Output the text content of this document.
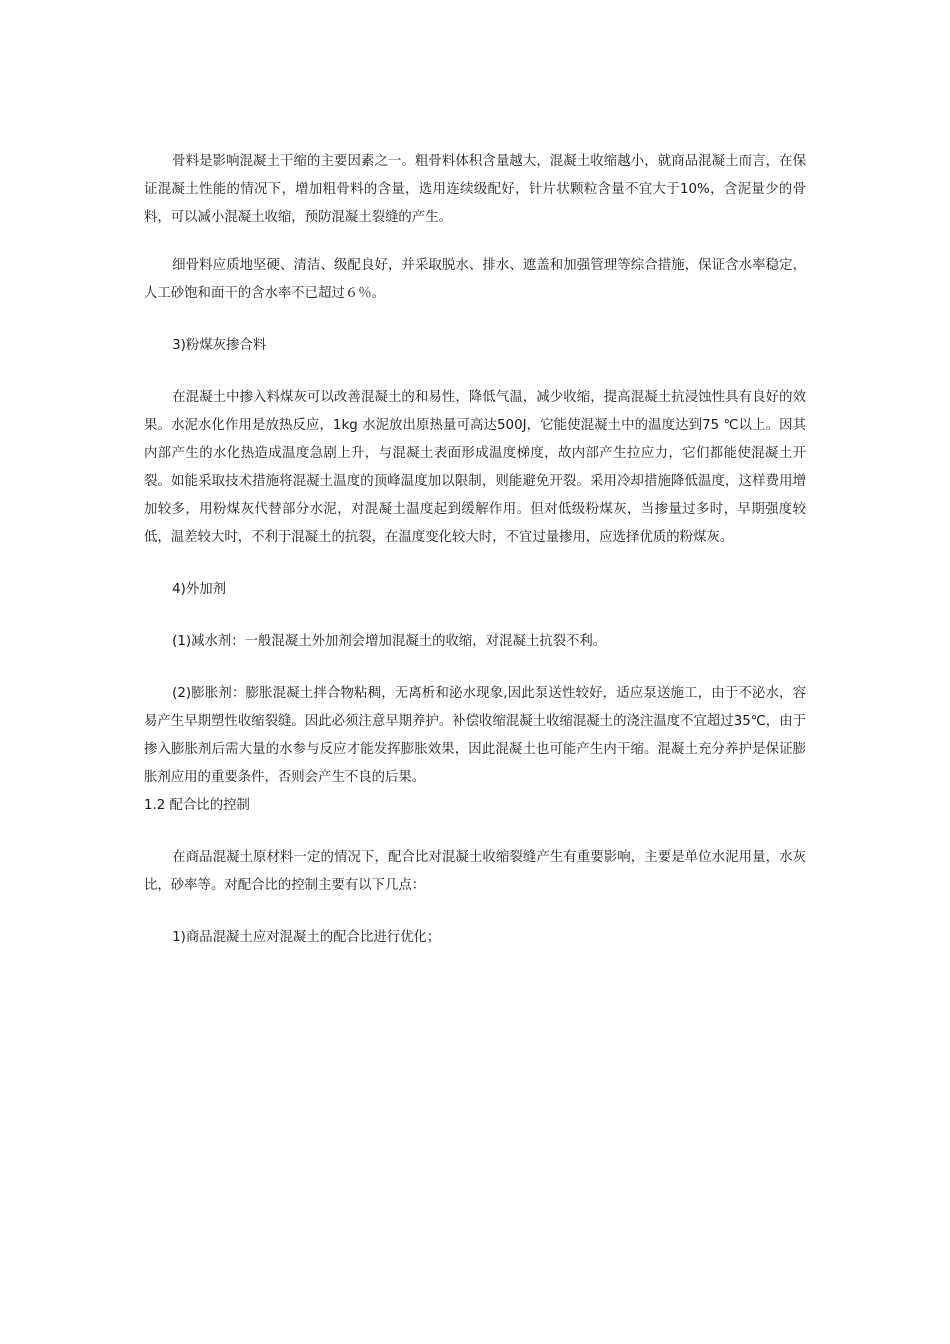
骨料是影响混凝土干缩的主要因素之一。粗骨料体积含量越大，混凝土收缩越小，就商品混凝土而言，在保证混凝土性能的情况下，增加粗骨料的含量，选用连续级配好，针片状颗粒含量不宜大于10%，含泥量少的骨料，可以减小混凝土收缩，预防混凝土裂缝的产生。

细骨料应质地坚硬、清洁、级配良好，并采取脱水、排水、遮盖和加强管理等综合措施，保证含水率稳定，人工砂饱和面干的含水率不已超过６％。

3)粉煤灰掺合料

在混凝土中掺入料煤灰可以改善混凝土的和易性，降低气温，减少收缩，提高混凝土抗浸蚀性具有良好的效果。水泥水化作用是放热反应，1kg 水泥放出原热量可高达500J，它能使混凝土中的温度达到75 ℃以上。因其内部产生的水化热造成温度急剧上升，与混凝土表面形成温度梯度，故内部产生拉应力，它们都能使混凝土开裂。如能采取技术措施将混凝土温度的顶峰温度加以限制，则能避免开裂。采用冷却措施降低温度，这样费用增加较多，用粉煤灰代替部分水泥，对混凝土温度起到缓解作用。但对低级粉煤灰，当掺量过多时，早期强度较低，温差较大时，不利于混凝土的抗裂，在温度变化较大时，不宜过量掺用，应选择优质的粉煤灰。

4)外加剂

(1)减水剂：一般混凝土外加剂会增加混凝土的收缩，对混凝土抗裂不利。

(2)膨胀剂：膨胀混凝土拌合物粘稠，无离析和泌水现象,因此泵送性较好，适应泵送施工，由于不泌水，容易产生早期塑性收缩裂缝。因此必须注意早期养护。补偿收缩混凝土收缩混凝土的浇注温度不宜超过35℃，由于掺入膨胀剂后需大量的水参与反应才能发挥膨胀效果，因此混凝土也可能产生内干缩。混凝土充分养护是保证膨胀剂应用的重要条件，否则会产生不良的后果。

1.2 配合比的控制

在商品混凝土原材料一定的情况下，配合比对混凝土收缩裂缝产生有重要影响，主要是单位水泥用量，水灰比，砂率等。对配合比的控制主要有以下几点：

1)商品混凝土应对混凝土的配合比进行优化；
